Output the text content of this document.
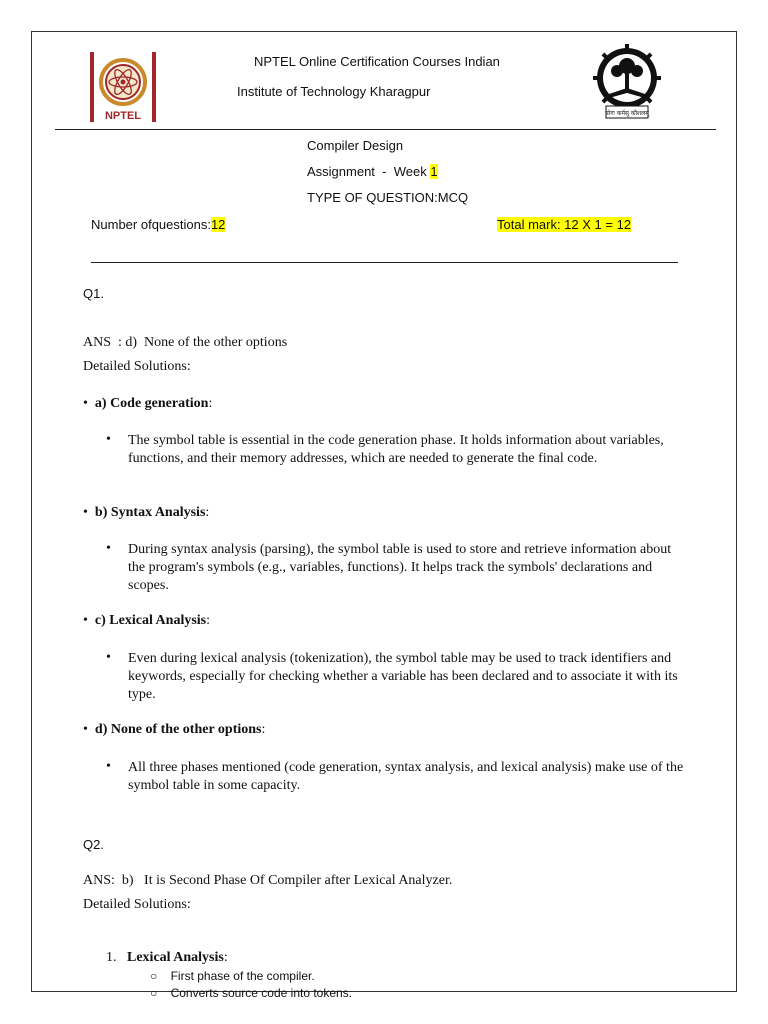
NPTEL	योगः कर्मसु कौशलम्
NPTEL Online Certification Courses Indian
Institute of Technology Kharagpur
Compiler Design
Assignment  -  Week 1
TYPE OF QUESTION:MCQ
Number ofquestions:12	Total mark: 12 X 1 = 12
Q1.
ANS  : d)  None of the other options
Detailed Solutions:
•  a) Code generation:
• The symbol table is essential in the code generation phase. It holds information about variables, functions, and their memory addresses, which are needed to generate the final code.
•  b) Syntax Analysis:
• During syntax analysis (parsing), the symbol table is used to store and retrieve information about the program's symbols (e.g., variables, functions). It helps track the symbols' declarations and scopes.
•  c) Lexical Analysis:
• Even during lexical analysis (tokenization), the symbol table may be used to track identifiers and keywords, especially for checking whether a variable has been declared and to associate it with its type.
•  d) None of the other options:
• All three phases mentioned (code generation, syntax analysis, and lexical analysis) make use of the symbol table in some capacity.
Q2.
ANS:  b)   It is Second Phase Of Compiler after Lexical Analyzer.
Detailed Solutions:
1. Lexical Analysis:
○ First phase of the compiler.
○ Converts source code into tokens.
